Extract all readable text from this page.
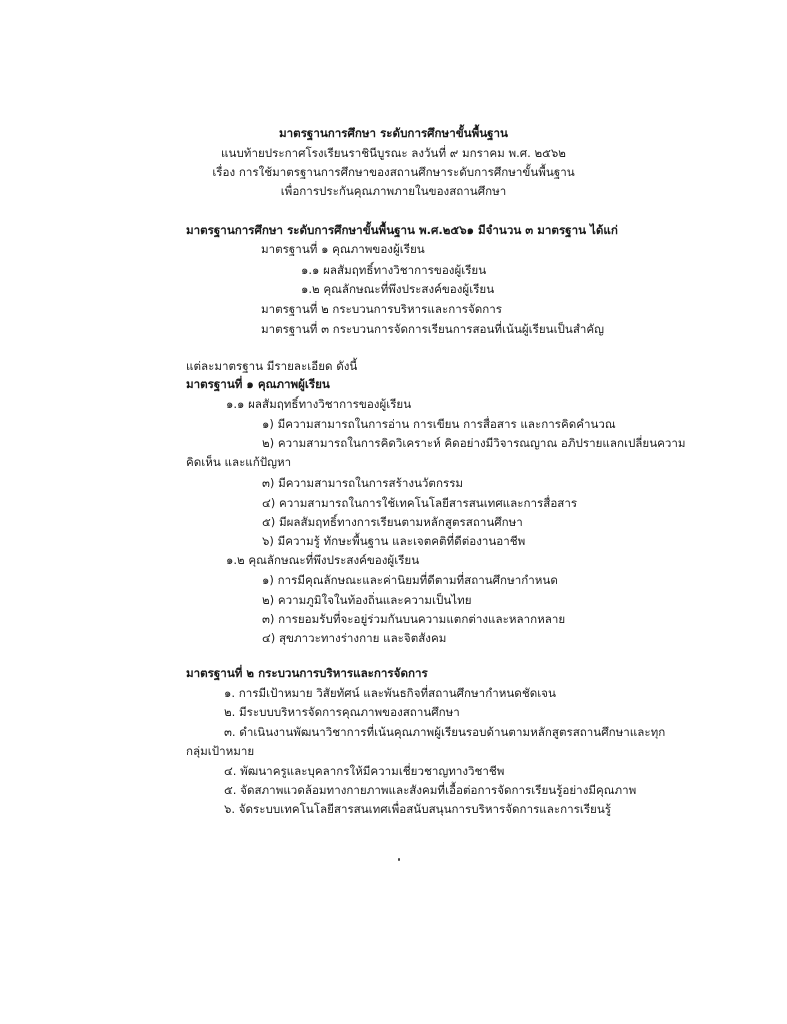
มาตรฐานการศึกษา ระดับการศึกษาขั้นพื้นฐาน
แนบท้ายประกาศโรงเรียนราชินีบูรณะ ลงวันที่ ๙ มกราคม พ.ศ. ๒๕๖๒
เรื่อง การใช้มาตรฐานการศึกษาของสถานศึกษาระดับการศึกษาขั้นพื้นฐาน
เพื่อการประกันคุณภาพภายในของสถานศึกษา
มาตรฐานการศึกษา ระดับการศึกษาขั้นพื้นฐาน พ.ศ.๒๕๖๑ มีจำนวน ๓ มาตรฐาน ได้แก่
มาตรฐานที่ ๑ คุณภาพของผู้เรียน
๑.๑ ผลสัมฤทธิ์ทางวิชาการของผู้เรียน
๑.๒ คุณลักษณะที่พึงประสงค์ของผู้เรียน
มาตรฐานที่ ๒ กระบวนการบริหารและการจัดการ
มาตรฐานที่ ๓ กระบวนการจัดการเรียนการสอนที่เน้นผู้เรียนเป็นสำคัญ
แต่ละมาตรฐาน มีรายละเอียด ดังนี้
มาตรฐานที่ ๑ คุณภาพผู้เรียน
๑.๑ ผลสัมฤทธิ์ทางวิชาการของผู้เรียน
๑) มีความสามารถในการอ่าน การเขียน การสื่อสาร และการคิดคำนวณ
๒) ความสามารถในการคิดวิเคราะห์ คิดอย่างมีวิจารณญาณ อภิปรายแลกเปลี่ยนความ
คิดเห็น และแก้ปัญหา
๓) มีความสามารถในการสร้างนวัตกรรม
๔) ความสามารถในการใช้เทคโนโลยีสารสนเทศและการสื่อสาร
๕) มีผลสัมฤทธิ์ทางการเรียนตามหลักสูตรสถานศึกษา
๖) มีความรู้ ทักษะพื้นฐาน และเจตคติที่ดีต่องานอาชีพ
๑.๒ คุณลักษณะที่พึงประสงค์ของผู้เรียน
๑) การมีคุณลักษณะและค่านิยมที่ดีตามที่สถานศึกษากำหนด
๒) ความภูมิใจในท้องถิ่นและความเป็นไทย
๓) การยอมรับที่จะอยู่ร่วมกันบนความแตกต่างและหลากหลาย
๔) สุขภาวะทางร่างกาย และจิตสังคม
มาตรฐานที่ ๒ กระบวนการบริหารและการจัดการ
๑. การมีเป้าหมาย วิสัยทัศน์ และพันธกิจที่สถานศึกษากำหนดชัดเจน
๒. มีระบบบริหารจัดการคุณภาพของสถานศึกษา
๓. ดำเนินงานพัฒนาวิชาการที่เน้นคุณภาพผู้เรียนรอบด้านตามหลักสูตรสถานศึกษาและทุก
กลุ่มเป้าหมาย
๔. พัฒนาครูและบุคลากรให้มีความเชี่ยวชาญทางวิชาชีพ
๕. จัดสภาพแวดล้อมทางกายภาพและสังคมที่เอื้อต่อการจัดการเรียนรู้อย่างมีคุณภาพ
๖. จัดระบบเทคโนโลยีสารสนเทศเพื่อสนับสนุนการบริหารจัดการและการเรียนรู้
